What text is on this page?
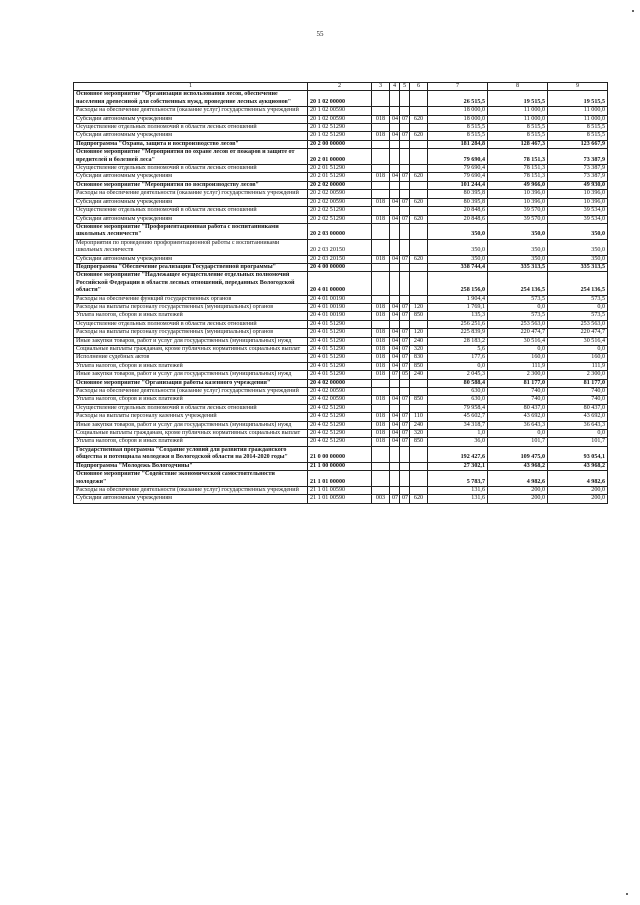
55
1	2	3	4	5	6	7	8	9
Основное мероприятие "Организация использования лесов, обеспечение населения древесиной для собственных нужд, проведение лесных аукционов"	20 1 02 00000					26 515,5	19 515,5	19 515,5
Расходы на обеспечение деятельности (оказание услуг) государственных учреждений	20 1 02 00590					18 000,0	11 000,0	11 000,0
Субсидии автономным учреждениям	20 1 02 00590	018	04	07	620	18 000,0	11 000,0	11 000,0
Осуществление отдельных полномочий в области лесных отношений	20 1 02 51290					8 515,5	8 515,5	8 515,5
Субсидии автономным учреждениям	20 1 02 51290	018	04	07	620	8 515,5	8 515,5	8 515,5
Подпрограмма "Охрана, защита и воспроизводство лесов"	20 2 00 00000					181 284,8	128 467,3	123 667,9
Основное мероприятие "Мероприятия по охране лесов от пожаров и защите от вредителей и болезней леса"	20 2 01 00000					79 690,4	78 151,3	73 387,9
Осуществление отдельных полномочий в области лесных отношений	20 2 01 51290					79 690,4	78 151,3	73 387,9
Субсидии автономным учреждениям	20 2 01 51290	018	04	07	620	79 690,4	78 151,3	73 387,9
Основное мероприятие "Мероприятия по воспроизводству лесов"	20 2 02 00000					101 244,4	49 966,0	49 930,0
Расходы на обеспечение деятельности (оказание услуг) государственных учреждений	20 2 02 00590					80 395,8	10 396,0	10 396,0
Субсидии автономным учреждениям	20 2 02 00590	018	04	07	620	80 395,8	10 396,0	10 396,0
Осуществление отдельных полномочий в области лесных отношений	20 2 02 51290					20 848,6	39 570,0	39 534,0
Субсидии автономным учреждениям	20 2 02 51290	018	04	07	620	20 848,6	39 570,0	39 534,0
Основное мероприятие "Профориентационная работа с воспитанниками школьных лесничеств"	20 2 03 00000					350,0	350,0	350,0
Мероприятия по проведению профориентационной работы с воспитанниками школьных лесничеств	20 2 03 20150					350,0	350,0	350,0
Субсидии автономным учреждениям	20 2 03 20150	018	04	07	620	350,0	350,0	350,0
Подпрограмма "Обеспечение реализации Государственной программы"	20 4 00 00000					338 744,4	335 313,5	335 313,5
Основное мероприятие "Надлежащее осуществление отдельных полномочий Российской Федерации в области лесных отношений, переданных Вологодской области"	20 4 01 00000					258 156,0	254 136,5	254 136,5
Расходы на обеспечение функций государственных органов	20 4 01 00190					1 904,4	573,5	573,5
Расходы на выплаты персоналу государственных (муниципальных) органов	20 4 01 00190	018	04	07	120	1 769,1	0,0	0,0
Уплата налогов, сборов и иных платежей	20 4 01 00190	018	04	07	850	135,3	573,5	573,5
Осуществление отдельных полномочий в области лесных отношений	20 4 01 51290					256 251,6	253 563,0	253 563,0
Расходы на выплаты персоналу государственных (муниципальных) органов	20 4 01 51290	018	04	07	120	225 839,9	220 474,7	220 474,7
Иные закупки товаров, работ и услуг для государственных (муниципальных) нужд	20 4 01 51290	018	04	07	240	28 183,2	30 516,4	30 516,4
Социальные выплаты гражданам, кроме публичных нормативных социальных выплат	20 4 01 51290	018	04	07	320	5,6	0,0	0,0
Исполнение судебных актов	20 4 01 51290	018	04	07	830	177,6	160,0	160,0
Уплата налогов, сборов и иных платежей	20 4 01 51290	018	04	07	850	0,0	111,9	111,9
Иные закупки товаров, работ и услуг для государственных (муниципальных) нужд	20 4 01 51290	018	07	05	240	2 045,3	2 300,0	2 300,0
Основное мероприятие "Организация работы казенного учреждения"	20 4 02 00000					80 588,4	81 177,0	81 177,0
Расходы на обеспечение деятельности (оказание услуг) государственных учреждений	20 4 02 00590					630,0	740,0	740,0
Уплата налогов, сборов и иных платежей	20 4 02 00590	018	04	07	850	630,0	740,0	740,0
Осуществление отдельных полномочий в области лесных отношений	20 4 02 51290					79 958,4	80 437,0	80 437,0
Расходы на выплаты персоналу казенных учреждений	20 4 02 51290	018	04	07	110	45 602,7	43 692,0	43 692,0
Иные закупки товаров, работ и услуг для государственных (муниципальных) нужд	20 4 02 51290	018	04	07	240	34 318,7	36 643,3	36 643,3
Социальные выплаты гражданам, кроме публичных нормативных социальных выплат	20 4 02 51290	018	04	07	320	1,0	0,0	0,0
Уплата налогов, сборов и иных платежей	20 4 02 51290	018	04	07	850	36,0	101,7	101,7
Государственная программа "Создание условий для развития гражданского общества и потенциала молодежи в Вологодской области на 2014-2020 годы"	21 0 00 00000					192 427,6	109 475,0	93 054,1
Подпрограмма "Молодежь Вологодчины"	21 1 00 00000					27 302,1	43 968,2	43 968,2
Основное мероприятие "Содействие экономической самостоятельности молодежи"	21 1 01 00000					5 783,7	4 982,6	4 982,6
Расходы на обеспечение деятельности (оказание услуг) государственных учреждений	21 1 01 00590					131,6	200,0	200,0
Субсидии автономным учреждениям	21 1 01 00590	003	07	07	620	131,6	200,0	200,0
